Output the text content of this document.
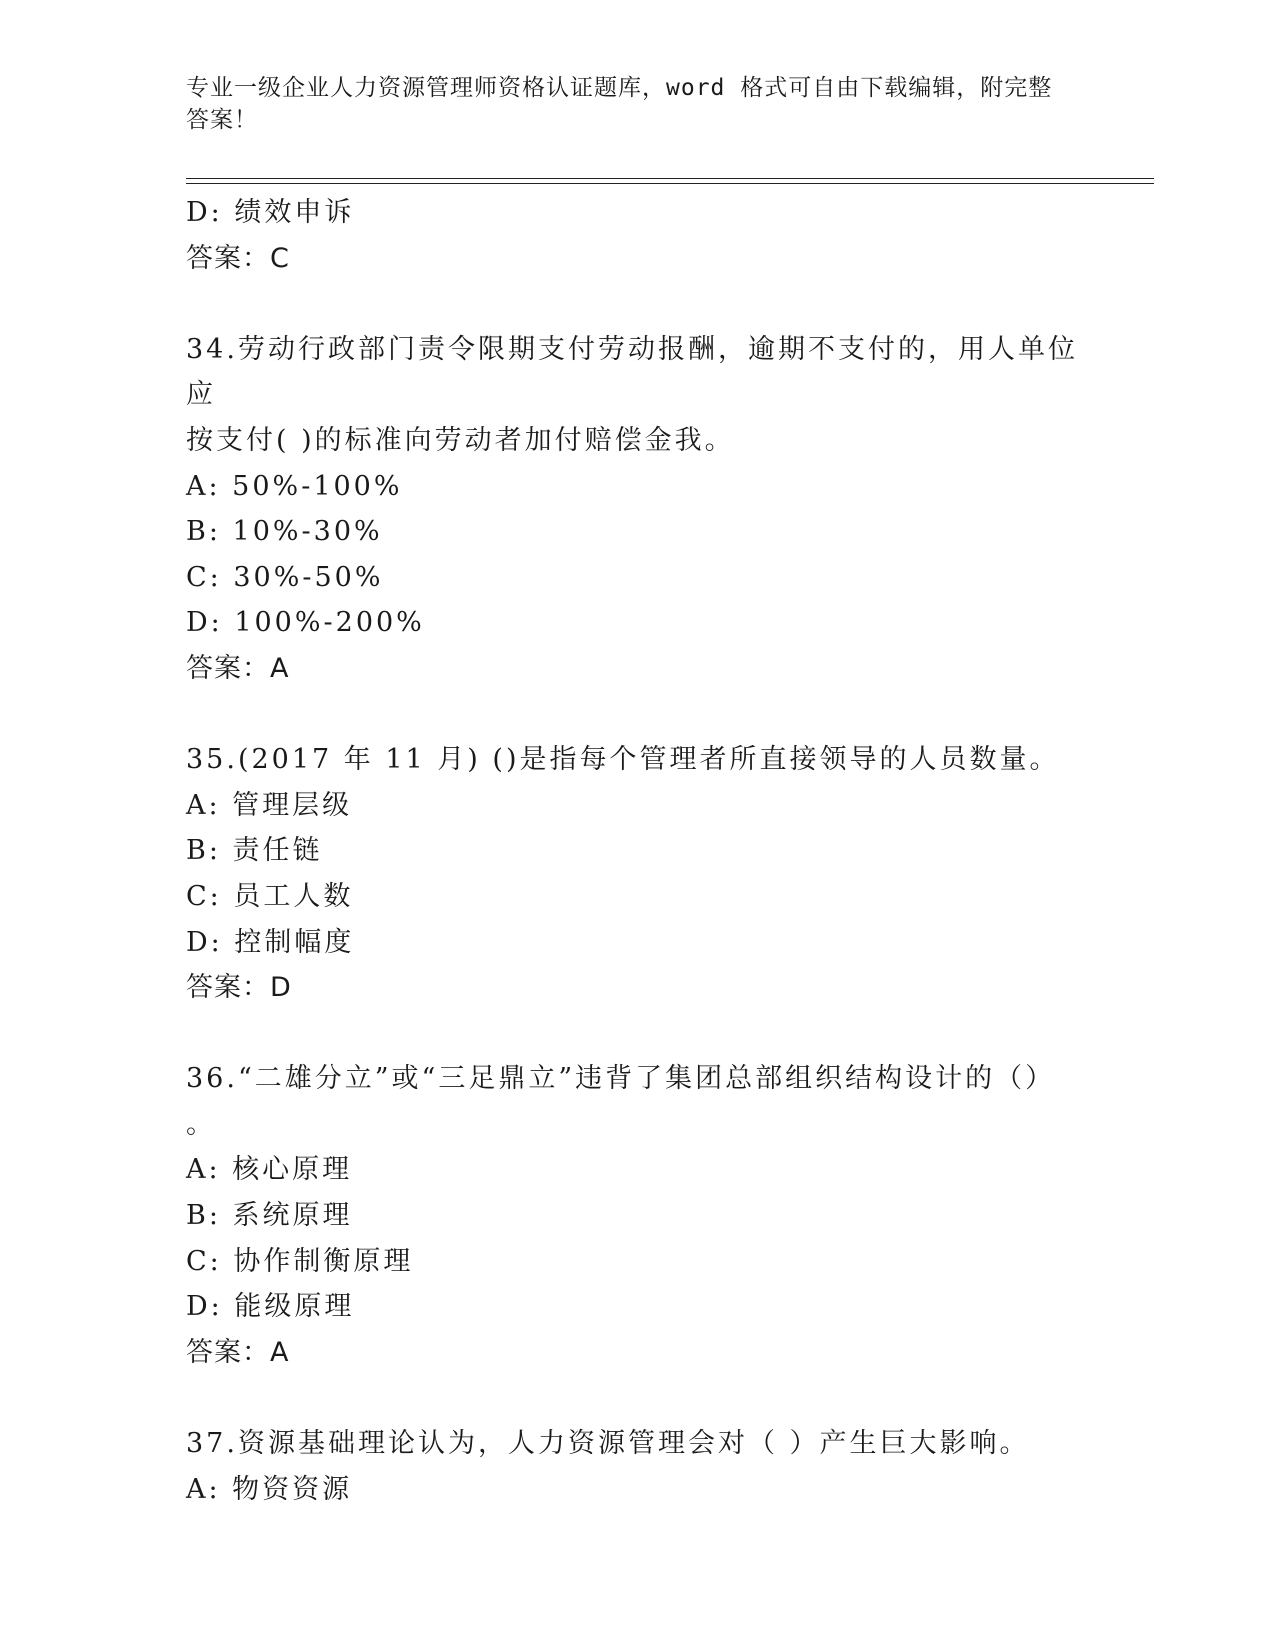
专业一级企业人力资源管理师资格认证题库，word 格式可自由下载编辑，附完整
答案！
D: 绩效申诉
答案：C
34.劳动行政部门责令限期支付劳动报酬，逾期不支付的，用人单位应
按支付( )的标准向劳动者加付赔偿金我。
A: 50%-100%
B: 10%-30%
C: 30%-50%
D: 100%-200%
答案：A
35.(2017 年 11 月) ()是指每个管理者所直接领导的人员数量。
A: 管理层级
B: 责任链
C: 员工人数
D: 控制幅度
答案：D
36.“二雄分立”或“三足鼎立”违背了集团总部组织结构设计的（）
。
A: 核心原理
B: 系统原理
C: 协作制衡原理
D: 能级原理
答案：A
37.资源基础理论认为，人力资源管理会对（ ）产生巨大影响。
A: 物资资源
